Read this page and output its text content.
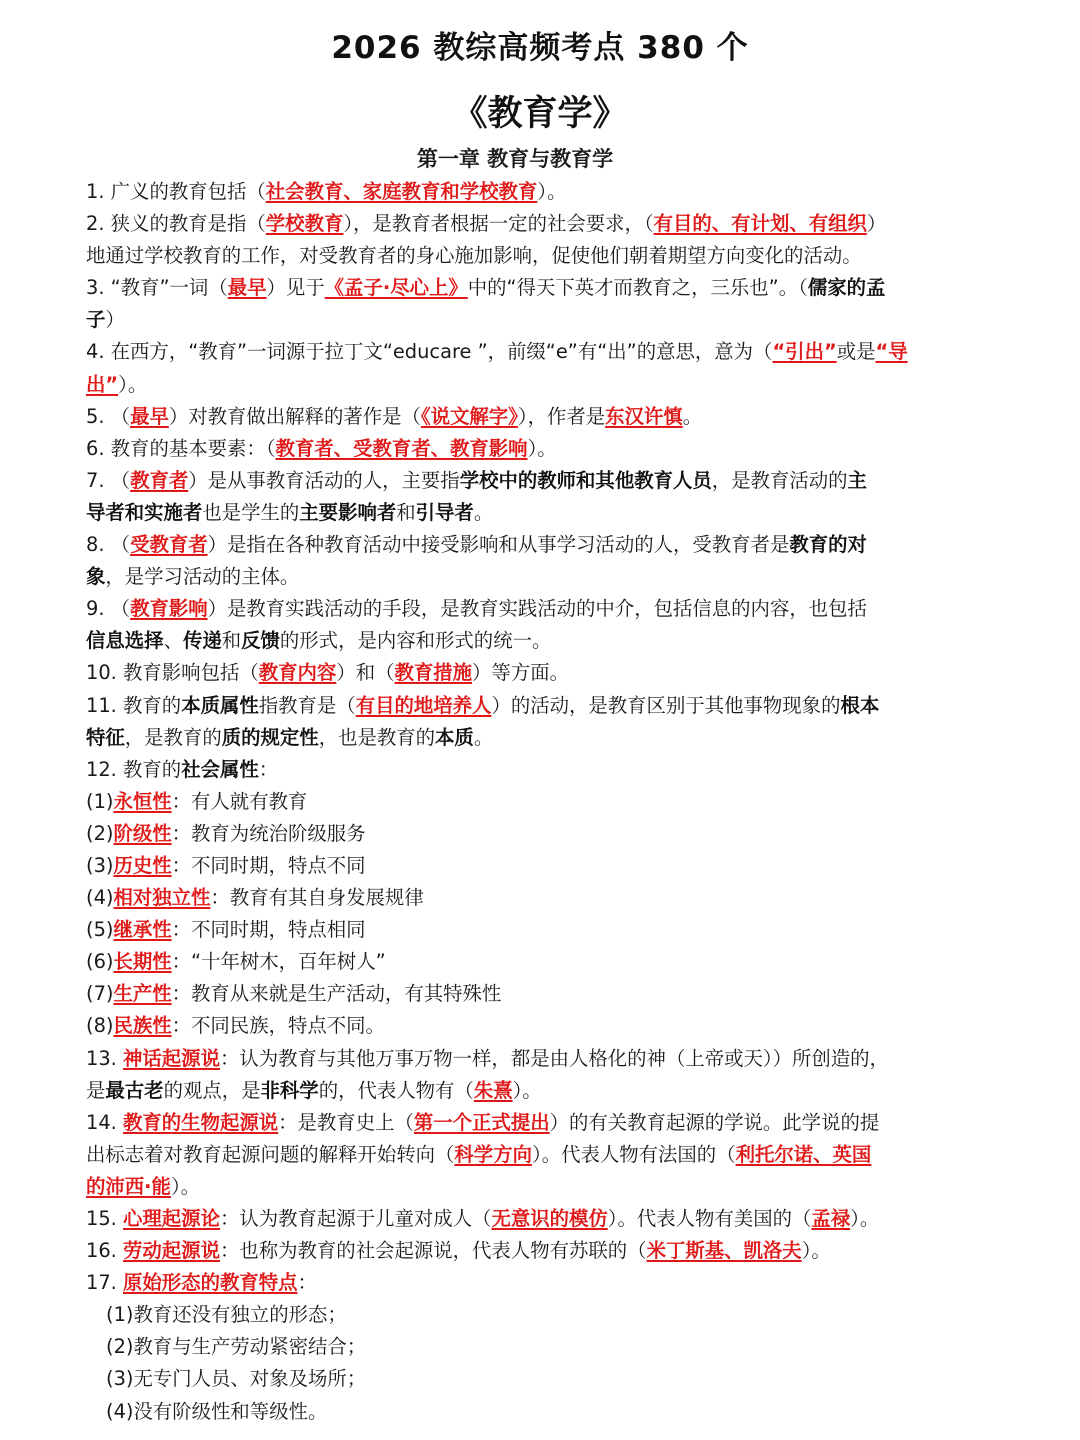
2026 教综高频考点 380 个
《教育学》
第一章 教育与教育学
1. 广义的教育包括（社会教育、家庭教育和学校教育）。
2. 狭义的教育是指（学校教育），是教育者根据一定的社会要求，（有目的、有计划、有组织）
地通过学校教育的工作，对受教育者的身心施加影响，促使他们朝着期望方向变化的活动。
3. “教育”一词（最早）见于《孟子·尽心上》中的“得天下英才而教育之，三乐也”。（儒家的孟
子）
4. 在西方，“教育”一词源于拉丁文“educare ”，前缀“e”有“出”的意思，意为（“引出”或是“导
出”）。
5. （最早）对教育做出解释的著作是（《说文解字》），作者是东汉许慎。
6. 教育的基本要素：（教育者、受教育者、教育影响）。
7. （教育者）是从事教育活动的人，主要指学校中的教师和其他教育人员，是教育活动的主
导者和实施者也是学生的主要影响者和引导者。
8. （受教育者）是指在各种教育活动中接受影响和从事学习活动的人，受教育者是教育的对
象，是学习活动的主体。
9. （教育影响）是教育实践活动的手段，是教育实践活动的中介，包括信息的内容，也包括
信息选择、传递和反馈的形式，是内容和形式的统一。
10. 教育影响包括（教育内容）和（教育措施）等方面。
11. 教育的本质属性指教育是（有目的地培养人）的活动，是教育区别于其他事物现象的根本
特征，是教育的质的规定性，也是教育的本质。
12. 教育的社会属性：
(1)永恒性：有人就有教育
(2)阶级性：教育为统治阶级服务
(3)历史性：不同时期，特点不同
(4)相对独立性：教育有其自身发展规律
(5)继承性：不同时期，特点相同
(6)长期性：“十年树木，百年树人”
(7)生产性：教育从来就是生产活动，有其特殊性
(8)民族性：不同民族，特点不同。
13. 神话起源说：认为教育与其他万事万物一样，都是由人格化的神（上帝或天））所创造的，
是最古老的观点，是非科学的，代表人物有（朱熹）。
14. 教育的生物起源说：是教育史上（第一个正式提出）的有关教育起源的学说。此学说的提
出标志着对教育起源问题的解释开始转向（科学方向）。代表人物有法国的（利托尔诺、英国
的沛西·能）。
15. 心理起源论：认为教育起源于儿童对成人（无意识的模仿）。代表人物有美国的（孟禄）。
16. 劳动起源说：也称为教育的社会起源说，代表人物有苏联的（米丁斯基、凯洛夫）。
17. 原始形态的教育特点：
(1)教育还没有独立的形态；
(2)教育与生产劳动紧密结合；
(3)无专门人员、对象及场所；
(4)没有阶级性和等级性。
